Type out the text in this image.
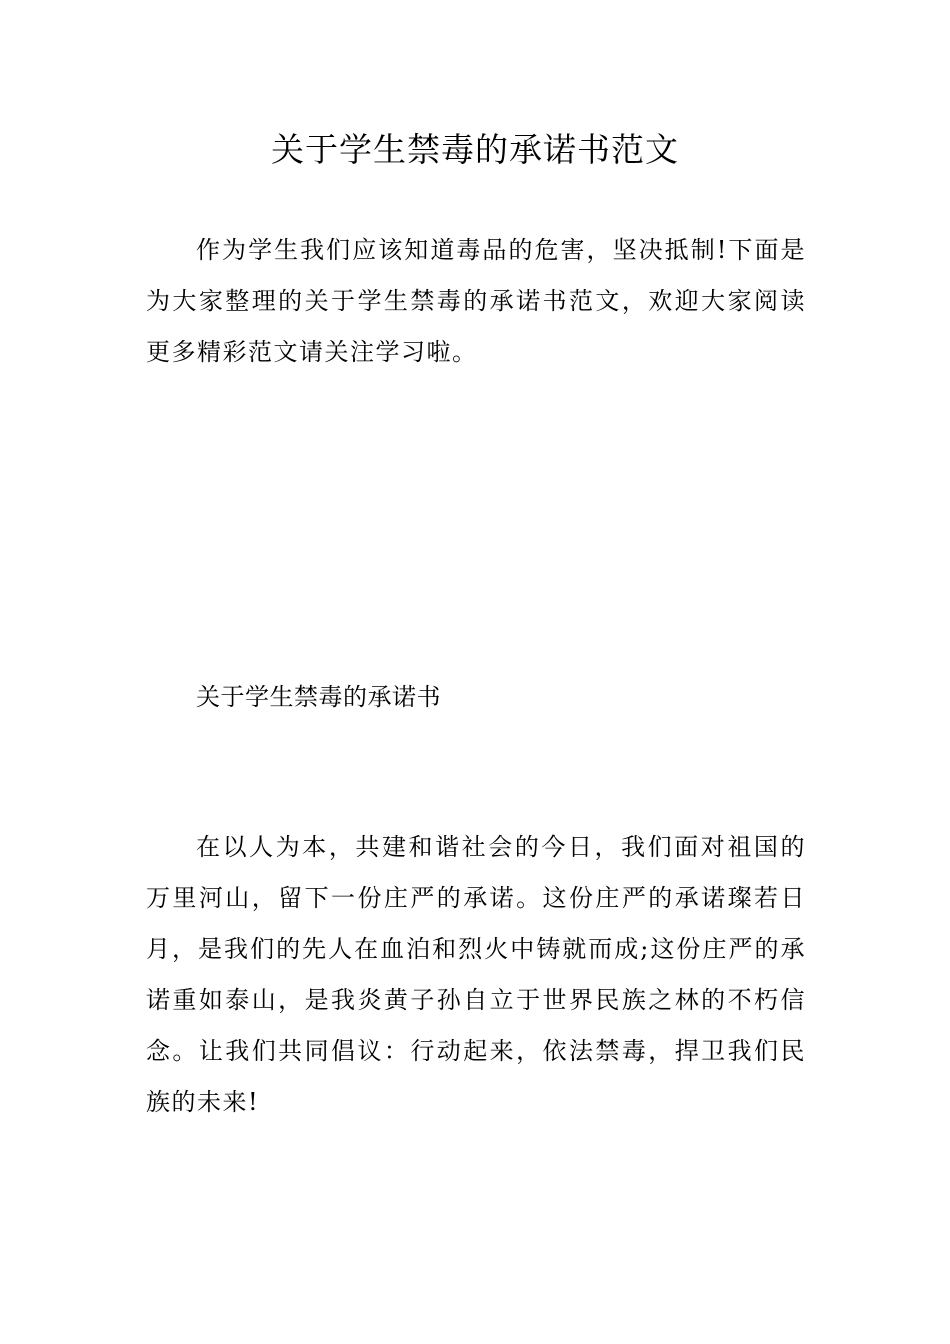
关于学生禁毒的承诺书范文

作为学生我们应该知道毒品的危害，坚决抵制!下面是为大家整理的关于学生禁毒的承诺书范文，欢迎大家阅读更多精彩范文请关注学习啦。

关于学生禁毒的承诺书

在以人为本，共建和谐社会的今日，我们面对祖国的万里河山，留下一份庄严的承诺。这份庄严的承诺璨若日月，是我们的先人在血泊和烈火中铸就而成;这份庄严的承诺重如泰山，是我炎黄子孙自立于世界民族之林的不朽信念。让我们共同倡议：行动起来，依法禁毒，捍卫我们民族的未来!
